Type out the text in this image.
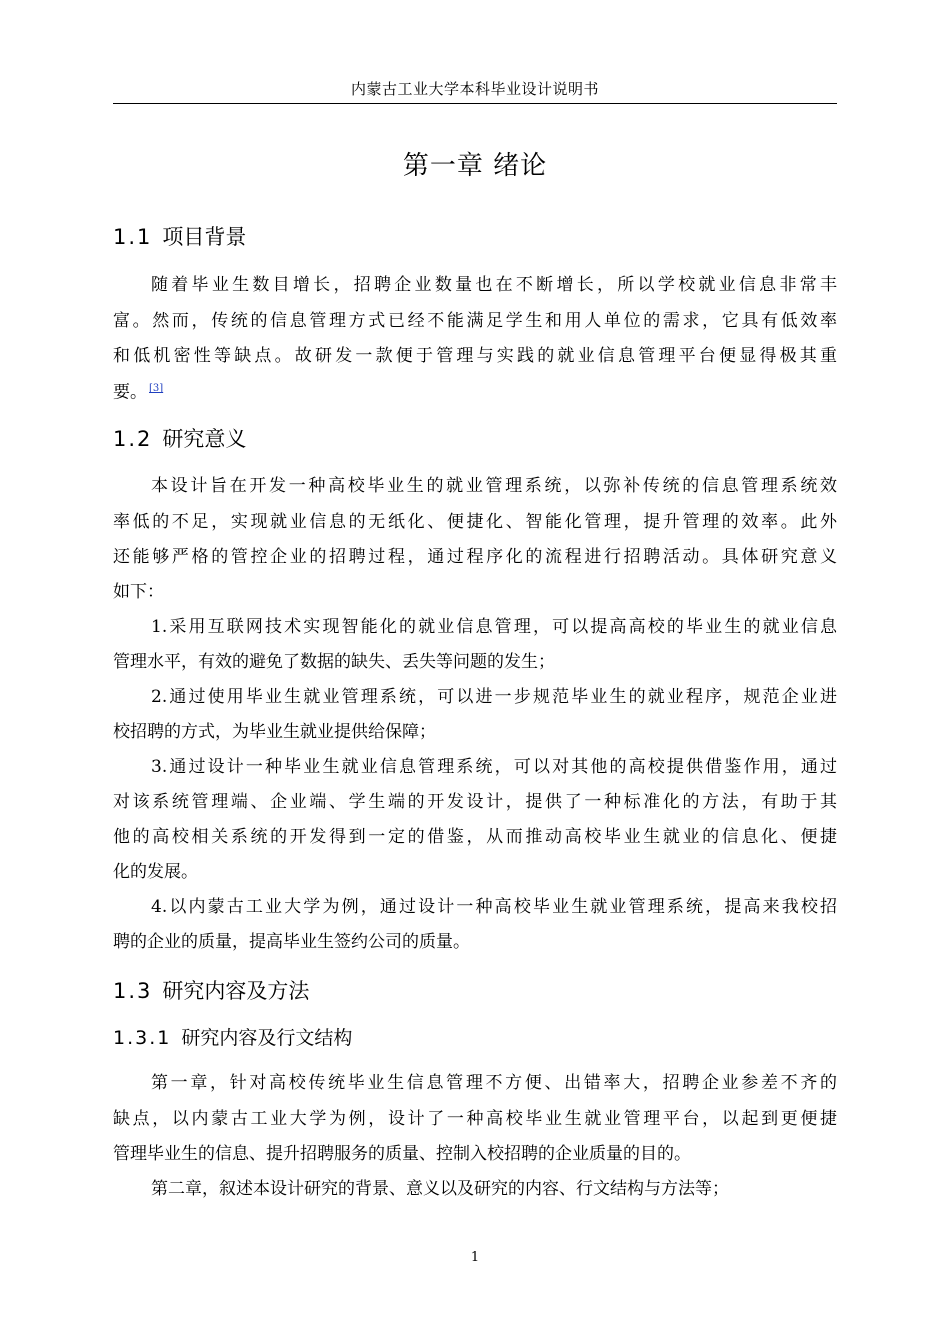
内蒙古工业大学本科毕业设计说明书
第一章 绪论
1.1 项目背景
随着毕业生数目增长，招聘企业数量也在不断增长，所以学校就业信息非常丰
富。然而，传统的信息管理方式已经不能满足学生和用人单位的需求，它具有低效率
和低机密性等缺点。故研发一款便于管理与实践的就业信息管理平台便显得极其重
要。 [3]
1.2 研究意义
本设计旨在开发一种高校毕业生的就业管理系统，以弥补传统的信息管理系统效
率低的不足，实现就业信息的无纸化、便捷化、智能化管理，提升管理的效率。此外
还能够严格的管控企业的招聘过程，通过程序化的流程进行招聘活动。具体研究意义
如下：
1.采用互联网技术实现智能化的就业信息管理，可以提高高校的毕业生的就业信息
管理水平，有效的避免了数据的缺失、丢失等问题的发生；
2.通过使用毕业生就业管理系统，可以进一步规范毕业生的就业程序，规范企业进
校招聘的方式，为毕业生就业提供给保障；
3.通过设计一种毕业生就业信息管理系统，可以对其他的高校提供借鉴作用，通过
对该系统管理端、企业端、学生端的开发设计，提供了一种标准化的方法，有助于其
他的高校相关系统的开发得到一定的借鉴，从而推动高校毕业生就业的信息化、便捷
化的发展。
4.以内蒙古工业大学为例，通过设计一种高校毕业生就业管理系统，提高来我校招
聘的企业的质量，提高毕业生签约公司的质量。
1.3 研究内容及方法
1.3.1 研究内容及行文结构
第一章，针对高校传统毕业生信息管理不方便、出错率大，招聘企业参差不齐的
缺点，以内蒙古工业大学为例，设计了一种高校毕业生就业管理平台，以起到更便捷
管理毕业生的信息、提升招聘服务的质量、控制入校招聘的企业质量的目的。
第二章，叙述本设计研究的背景、意义以及研究的内容、行文结构与方法等；
1
